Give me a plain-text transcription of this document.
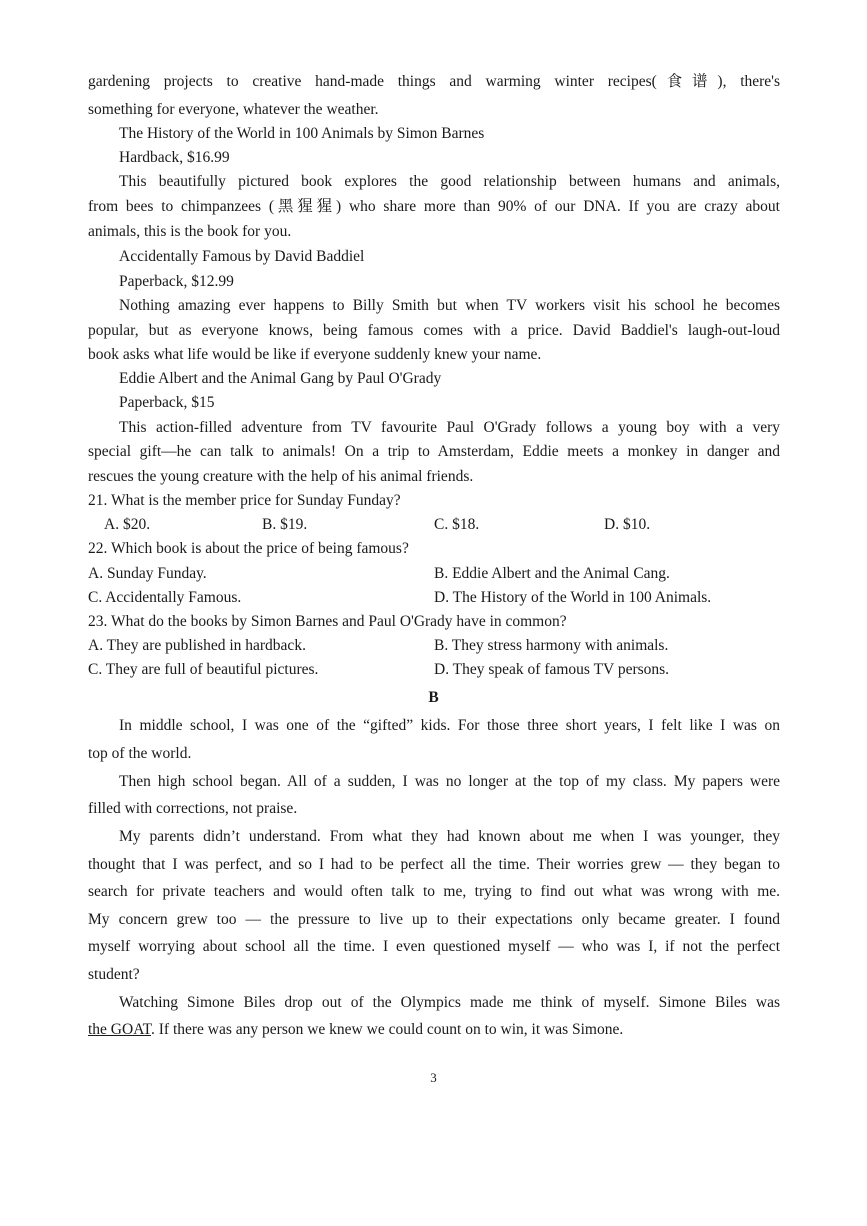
gardening projects to creative hand-made things and warming winter recipes(食谱), there's
something for everyone, whatever the weather.
The History of the World in 100 Animals by Simon Barnes
Hardback, $16.99
This beautifully pictured book explores the good relationship between humans and animals,
from bees to chimpanzees (黑猩猩) who share more than 90% of our DNA. If you are crazy about
animals, this is the book for you.
Accidentally Famous by David Baddiel
Paperback, $12.99
Nothing amazing ever happens to Billy Smith but when TV workers visit his school he becomes
popular, but as everyone knows, being famous comes with a price. David Baddiel's laugh-out-loud
book asks what life would be like if everyone suddenly knew your name.
Eddie Albert and the Animal Gang by Paul O'Grady
Paperback, $15
This action-filled adventure from TV favourite Paul O'Grady follows a young boy with a very
special gift—he can talk to animals! On a trip to Amsterdam, Eddie meets a monkey in danger and
rescues the young creature with the help of his animal friends.
21. What is the member price for Sunday Funday?
A. $20.	B. $19.	C. $18.	D. $10.
22. Which book is about the price of being famous?
A. Sunday Funday.	B. Eddie Albert and the Animal Cang.
C. Accidentally Famous.	D. The History of the World in 100 Animals.
23. What do the books by Simon Barnes and Paul O'Grady have in common?
A. They are published in hardback.	B. They stress harmony with animals.
C. They are full of beautiful pictures.	D. They speak of famous TV persons.
B
In middle school, I was one of the “gifted” kids. For those three short years, I felt like I was on
top of the world.
Then high school began. All of a sudden, I was no longer at the top of my class. My papers were
filled with corrections, not praise.
My parents didn’t understand. From what they had known about me when I was younger, they
thought that I was perfect, and so I had to be perfect all the time. Their worries grew — they began to
search for private teachers and would often talk to me, trying to find out what was wrong with me.
My concern grew too — the pressure to live up to their expectations only became greater. I found
myself worrying about school all the time. I even questioned myself — who was I, if not the perfect
student?
Watching Simone Biles drop out of the Olympics made me think of myself. Simone Biles was
the GOAT. If there was any person we knew we could count on to win, it was Simone.
3
